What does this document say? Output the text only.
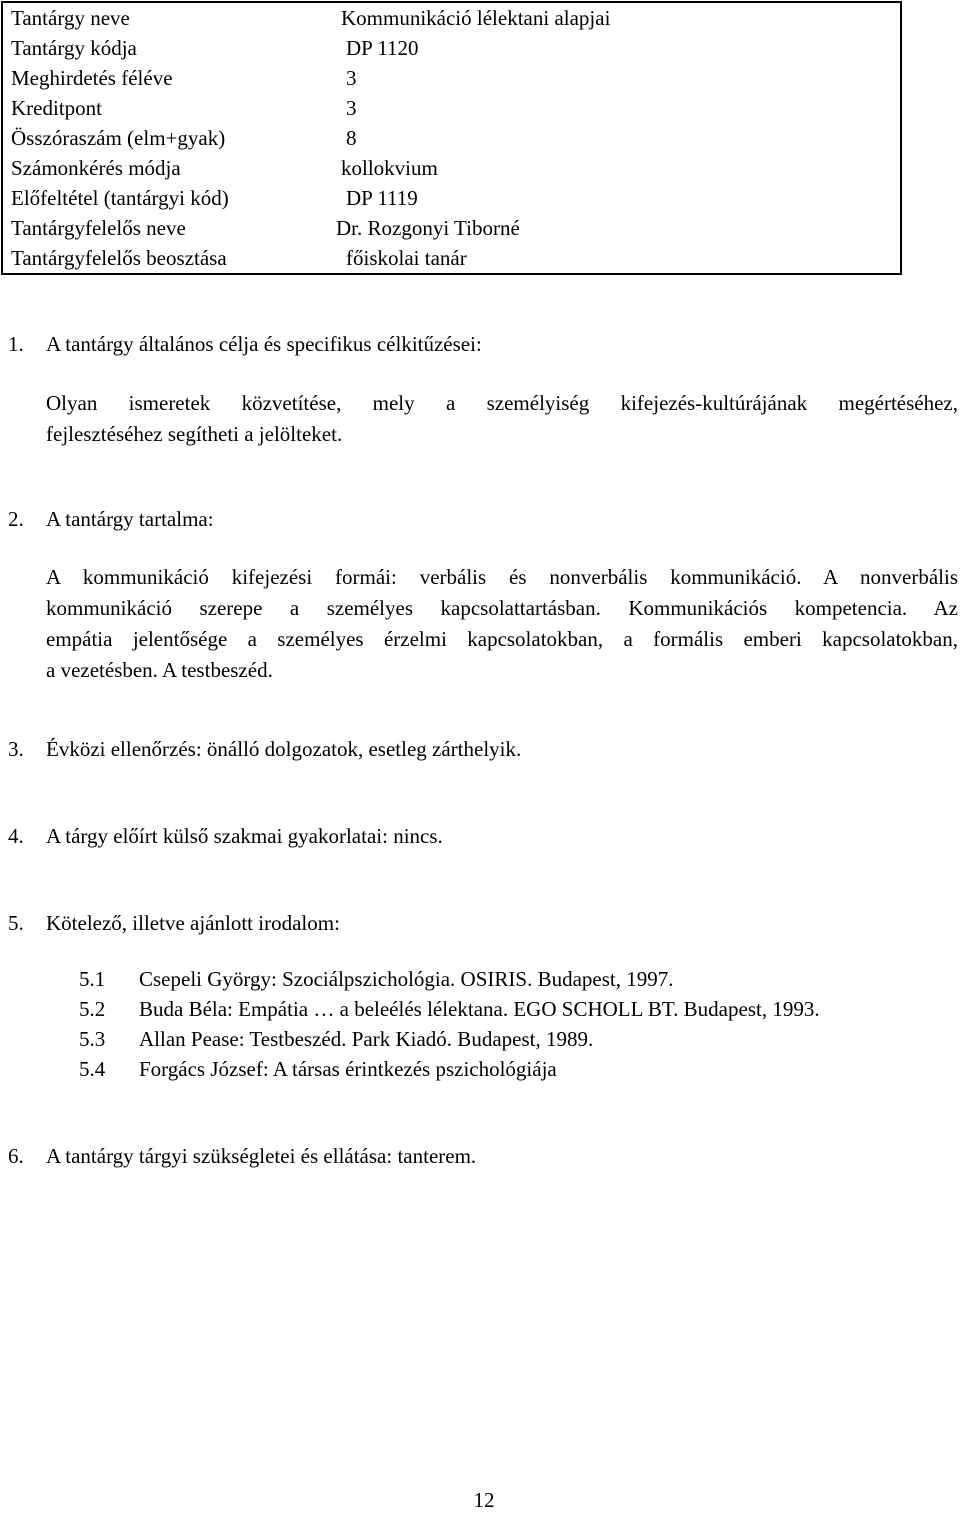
Tantárgy neve	Kommunikáció lélektani alapjai
Tantárgy kódja	DP 1120
Meghirdetés féléve	3
Kreditpont	3
Összóraszám (elm+gyak)	8
Számonkérés módja	kollokvium
Előfeltétel (tantárgyi kód)	DP 1119
Tantárgyfelelős neve	Dr. Rozgonyi Tiborné
Tantárgyfelelős beosztása	főiskolai tanár
1. A tantárgy általános célja és specifikus célkitűzései:
Olyan ismeretek közvetítése, mely a személyiség kifejezés-kultúrájának megértéséhez,
fejlesztéséhez segítheti a jelölteket.
2. A tantárgy tartalma:
A kommunikáció kifejezési formái: verbális és nonverbális kommunikáció. A nonverbális
kommunikáció szerepe a személyes kapcsolattartásban. Kommunikációs kompetencia. Az
empátia jelentősége a személyes érzelmi kapcsolatokban, a formális emberi kapcsolatokban,
a vezetésben. A testbeszéd.
3. Évközi ellenőrzés: önálló dolgozatok, esetleg zárthelyik.
4. A tárgy előírt külső szakmai gyakorlatai: nincs.
5. Kötelező, illetve ajánlott irodalom:
5.1 Csepeli György: Szociálpszichológia. OSIRIS. Budapest, 1997.
5.2 Buda Béla: Empátia … a beleélés lélektana. EGO SCHOLL BT. Budapest, 1993.
5.3 Allan Pease: Testbeszéd. Park Kiadó. Budapest, 1989.
5.4 Forgács József: A társas érintkezés pszichológiája
6. A tantárgy tárgyi szükségletei és ellátása: tanterem.
12
